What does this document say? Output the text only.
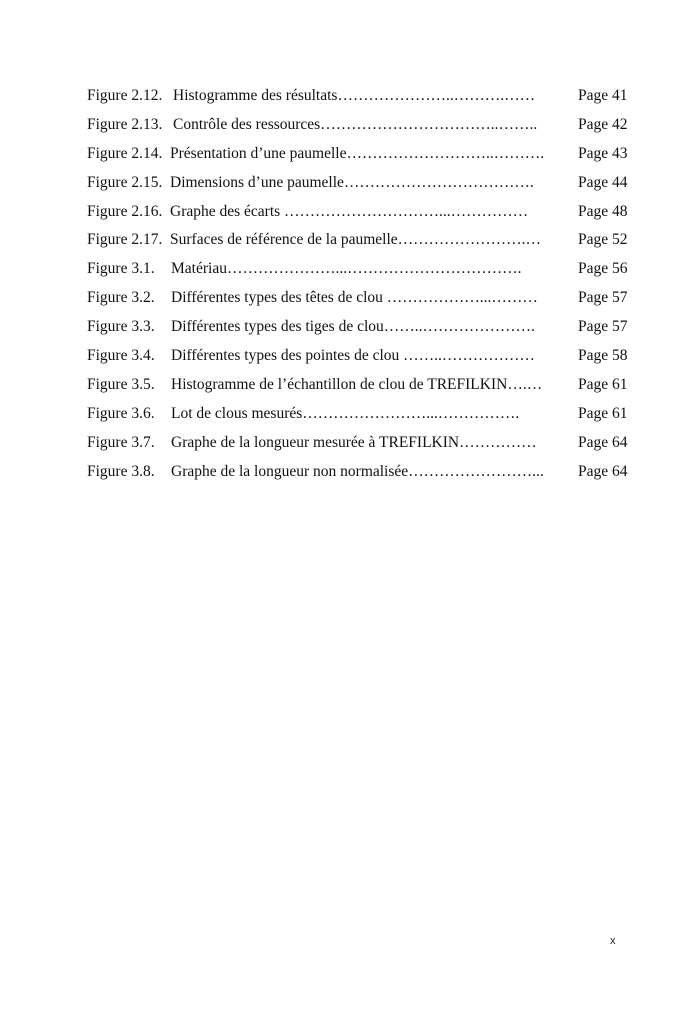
Figure 2.12. Histogramme des résultats…………………..……….……	Page 41
Figure 2.13. Contrôle des ressources……………………………..……..	Page 42
Figure 2.14. Présentation d’une paumelle………………………..………. Page 43
Figure 2.15. Dimensions d’une paumelle……………………………….	Page 44
Figure 2.16. Graphe des écarts …………………………...……………	Page 48
Figure 2.17. Surfaces de référence de la paumelle…………………….… Page 52
Figure 3.1. Matériau…………………...…………………………….	Page 56
Figure 3.2. Différentes types des têtes de clou ………………...………	Page 57
Figure 3.3. Différentes types des tiges de clou……..………………….	Page 57
Figure 3.4. Différentes types des pointes de clou ……..………………	Page 58
Figure 3.5. Histogramme de l’échantillon de clou de TREFILKIN….… Page 61
Figure 3.6. Lot de clous mesurés……………………...…………….	Page 61
Figure 3.7. Graphe de la longueur mesurée à TREFILKIN……………	Page 64
Figure 3.8. Graphe de la longueur non normalisée……………………... Page 64
x
